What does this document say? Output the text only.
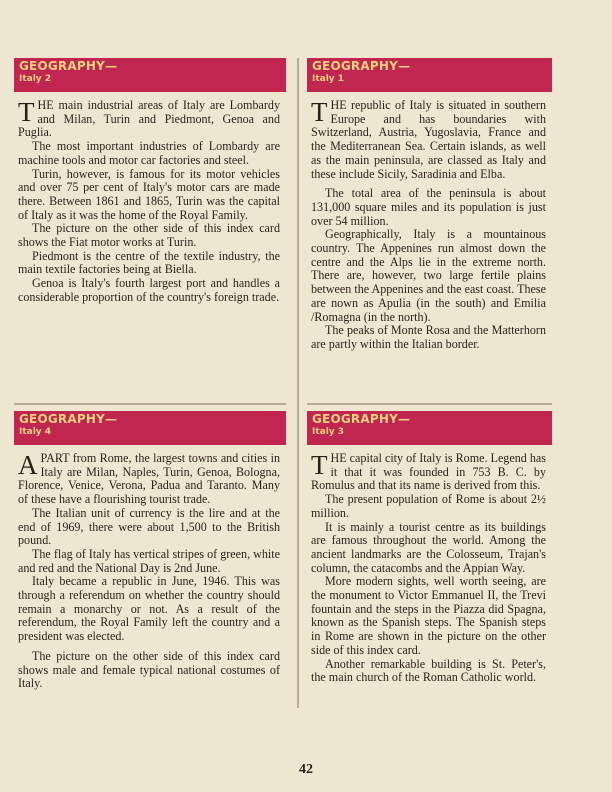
GEOGRAPHY—
Italy 2

THE main industrial areas of Italy are Lombardy and Milan, Turin and Piedmont, Genoa and Puglia.

The most important industries of Lombardy are machine tools and motor car factories and steel.

Turin, however, is famous for its motor vehicles and over 75 per cent of Italy's motor cars are made there. Between 1861 and 1865, Turin was the capital of Italy as it was the home of the Royal Family.

The picture on the other side of this index card shows the Fiat motor works at Turin.

Piedmont is the centre of the textile industry, the main textile factories being at Biella.

Genoa is Italy's fourth largest port and handles a considerable proportion of the country's foreign trade.

GEOGRAPHY—
Italy 1

THE republic of Italy is situated in southern Europe and has boundaries with Switzerland, Austria, Yugoslavia, France and the Mediterranean Sea. Certain islands, as well as the main peninsula, are classed as Italy and these include Sicily, Saradinia and Elba.

The total area of the peninsula is about 131,000 square miles and its population is just over 54 million.

Geographically, Italy is a mountainous country. The Appenines run almost down the centre and the Alps lie in the extreme north. There are, however, two large fertile plains between the Appenines and the east coast. These are nown as Apulia (in the south) and Emilia /Romagna (in the north).

The peaks of Monte Rosa and the Matterhorn are partly within the Italian border.

GEOGRAPHY—
Italy 4

APART from Rome, the largest towns and cities in Italy are Milan, Naples, Turin, Genoa, Bologna, Florence, Venice, Verona, Padua and Taranto. Many of these have a flourishing tourist trade.

The Italian unit of currency is the lire and at the end of 1969, there were about 1,500 to the British pound.

The flag of Italy has vertical stripes of green, white and red and the National Day is 2nd June.

Italy became a republic in June, 1946. This was through a referendum on whether the country should remain a monarchy or not. As a result of the referendum, the Royal Family left the country and a president was elected.

The picture on the other side of this index card shows male and female typical national costumes of Italy.

GEOGRAPHY—
Italy 3

THE capital city of Italy is Rome. Legend has it that it was founded in 753 B. C. by Romulus and that its name is derived from this.

The present population of Rome is about 2½ million.

It is mainly a tourist centre as its buildings are famous throughout the world. Among the ancient landmarks are the Colosseum, Trajan's column, the catacombs and the Appian Way.

More modern sights, well worth seeing, are the monument to Victor Emmanuel II, the Trevi fountain and the steps in the Piazza did Spagna, known as the Spanish steps. The Spanish steps in Rome are shown in the picture on the other side of this index card.

Another remarkable building is St. Peter's, the main church of the Roman Catholic world.

42
